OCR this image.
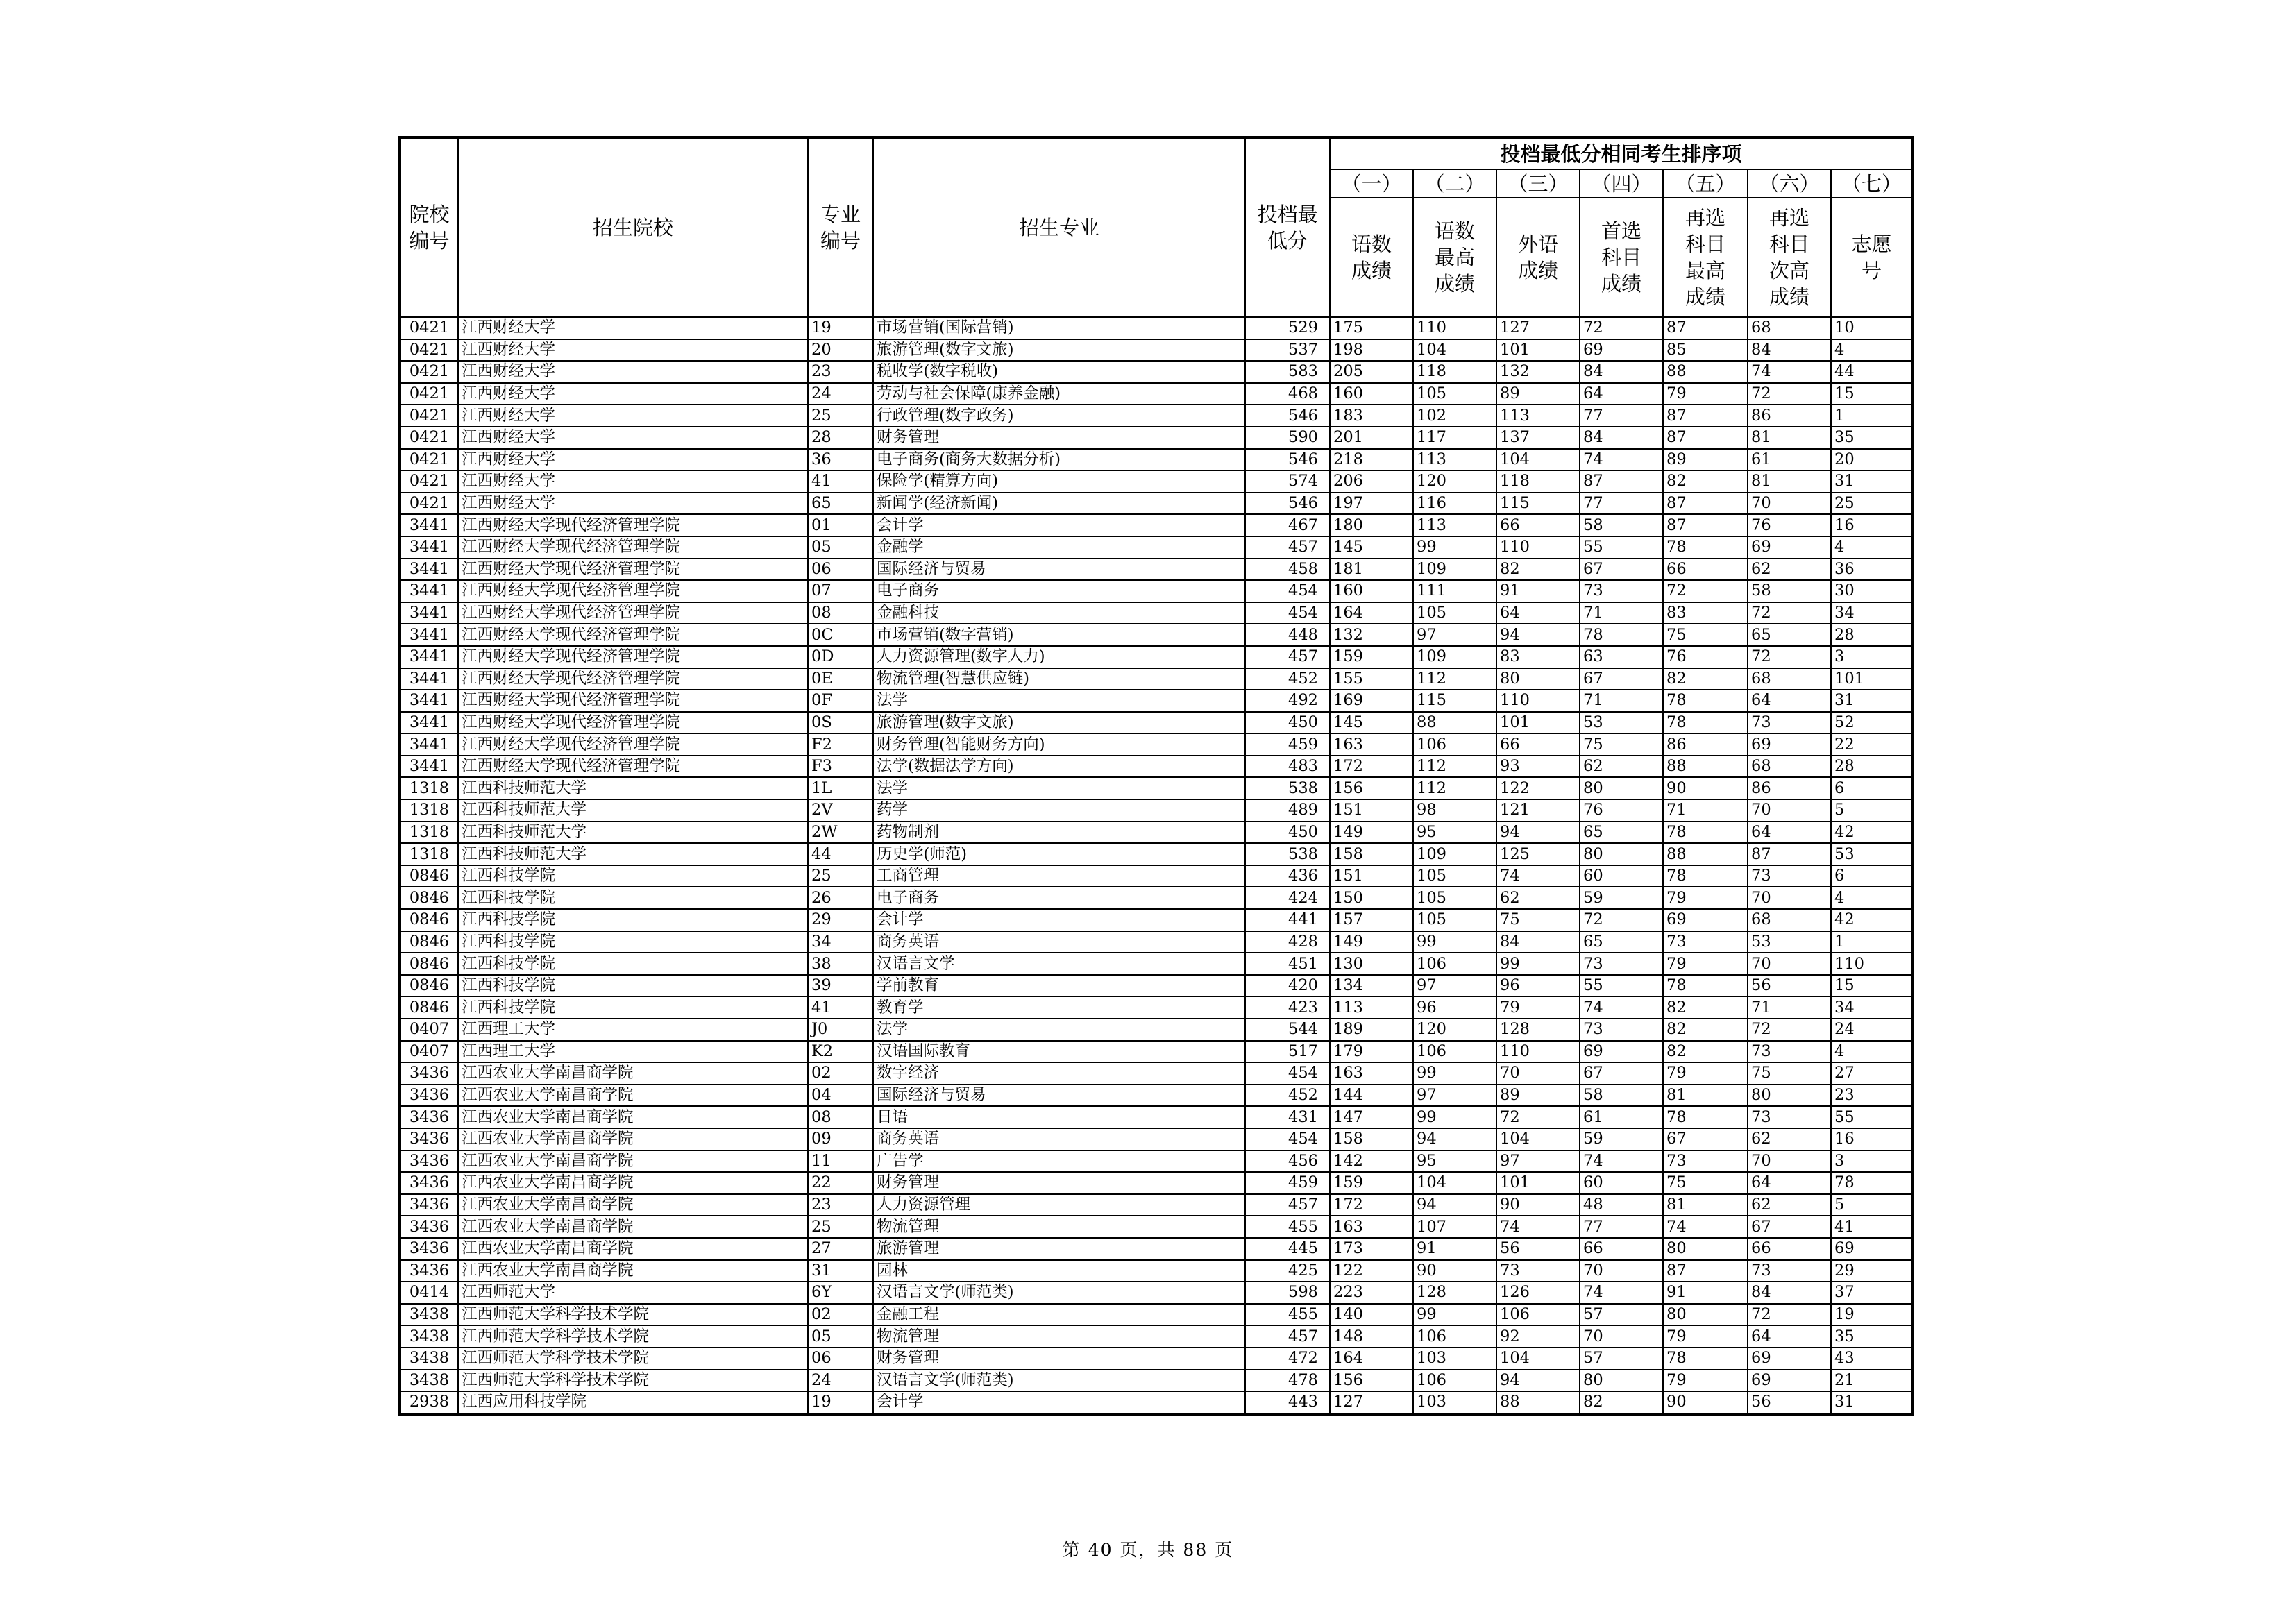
院校编号	招生院校	专业编号	招生专业	投档最低分	投档最低分相同考生排序项						
					（一）	（二）	（三）	（四）	（五）	（六）	（七）
					语数成绩	语数最高成绩	外语成绩	首选科目成绩	再选科目最高成绩	再选科目次高成绩	志愿号
0421	江西财经大学	19	市场营销(国际营销)	529	175	110	127	72	87	68	10
0421	江西财经大学	20	旅游管理(数字文旅)	537	198	104	101	69	85	84	4
0421	江西财经大学	23	税收学(数字税收)	583	205	118	132	84	88	74	44
0421	江西财经大学	24	劳动与社会保障(康养金融)	468	160	105	89	64	79	72	15
0421	江西财经大学	25	行政管理(数字政务)	546	183	102	113	77	87	86	1
0421	江西财经大学	28	财务管理	590	201	117	137	84	87	81	35
0421	江西财经大学	36	电子商务(商务大数据分析)	546	218	113	104	74	89	61	20
0421	江西财经大学	41	保险学(精算方向)	574	206	120	118	87	82	81	31
0421	江西财经大学	65	新闻学(经济新闻)	546	197	116	115	77	87	70	25
3441	江西财经大学现代经济管理学院	01	会计学	467	180	113	66	58	87	76	16
3441	江西财经大学现代经济管理学院	05	金融学	457	145	99	110	55	78	69	4
3441	江西财经大学现代经济管理学院	06	国际经济与贸易	458	181	109	82	67	66	62	36
3441	江西财经大学现代经济管理学院	07	电子商务	454	160	111	91	73	72	58	30
3441	江西财经大学现代经济管理学院	08	金融科技	454	164	105	64	71	83	72	34
3441	江西财经大学现代经济管理学院	0C	市场营销(数字营销)	448	132	97	94	78	75	65	28
3441	江西财经大学现代经济管理学院	0D	人力资源管理(数字人力)	457	159	109	83	63	76	72	3
3441	江西财经大学现代经济管理学院	0E	物流管理(智慧供应链)	452	155	112	80	67	82	68	101
3441	江西财经大学现代经济管理学院	0F	法学	492	169	115	110	71	78	64	31
3441	江西财经大学现代经济管理学院	0S	旅游管理(数字文旅)	450	145	88	101	53	78	73	52
3441	江西财经大学现代经济管理学院	F2	财务管理(智能财务方向)	459	163	106	66	75	86	69	22
3441	江西财经大学现代经济管理学院	F3	法学(数据法学方向)	483	172	112	93	62	88	68	28
1318	江西科技师范大学	1L	法学	538	156	112	122	80	90	86	6
1318	江西科技师范大学	2V	药学	489	151	98	121	76	71	70	5
1318	江西科技师范大学	2W	药物制剂	450	149	95	94	65	78	64	42
1318	江西科技师范大学	44	历史学(师范)	538	158	109	125	80	88	87	53
0846	江西科技学院	25	工商管理	436	151	105	74	60	78	73	6
0846	江西科技学院	26	电子商务	424	150	105	62	59	79	70	4
0846	江西科技学院	29	会计学	441	157	105	75	72	69	68	42
0846	江西科技学院	34	商务英语	428	149	99	84	65	73	53	1
0846	江西科技学院	38	汉语言文学	451	130	106	99	73	79	70	110
0846	江西科技学院	39	学前教育	420	134	97	96	55	78	56	15
0846	江西科技学院	41	教育学	423	113	96	79	74	82	71	34
0407	江西理工大学	J0	法学	544	189	120	128	73	82	72	24
0407	江西理工大学	K2	汉语国际教育	517	179	106	110	69	82	73	4
3436	江西农业大学南昌商学院	02	数字经济	454	163	99	70	67	79	75	27
3436	江西农业大学南昌商学院	04	国际经济与贸易	452	144	97	89	58	81	80	23
3436	江西农业大学南昌商学院	08	日语	431	147	99	72	61	78	73	55
3436	江西农业大学南昌商学院	09	商务英语	454	158	94	104	59	67	62	16
3436	江西农业大学南昌商学院	11	广告学	456	142	95	97	74	73	70	3
3436	江西农业大学南昌商学院	22	财务管理	459	159	104	101	60	75	64	78
3436	江西农业大学南昌商学院	23	人力资源管理	457	172	94	90	48	81	62	5
3436	江西农业大学南昌商学院	25	物流管理	455	163	107	74	77	74	67	41
3436	江西农业大学南昌商学院	27	旅游管理	445	173	91	56	66	80	66	69
3436	江西农业大学南昌商学院	31	园林	425	122	90	73	70	87	73	29
0414	江西师范大学	6Y	汉语言文学(师范类)	598	223	128	126	74	91	84	37
3438	江西师范大学科学技术学院	02	金融工程	455	140	99	106	57	80	72	19
3438	江西师范大学科学技术学院	05	物流管理	457	148	106	92	70	79	64	35
3438	江西师范大学科学技术学院	06	财务管理	472	164	103	104	57	78	69	43
3438	江西师范大学科学技术学院	24	汉语言文学(师范类)	478	156	106	94	80	79	69	21
2938	江西应用科技学院	19	会计学	443	127	103	88	82	90	56	31
第 40 页，共 88 页
